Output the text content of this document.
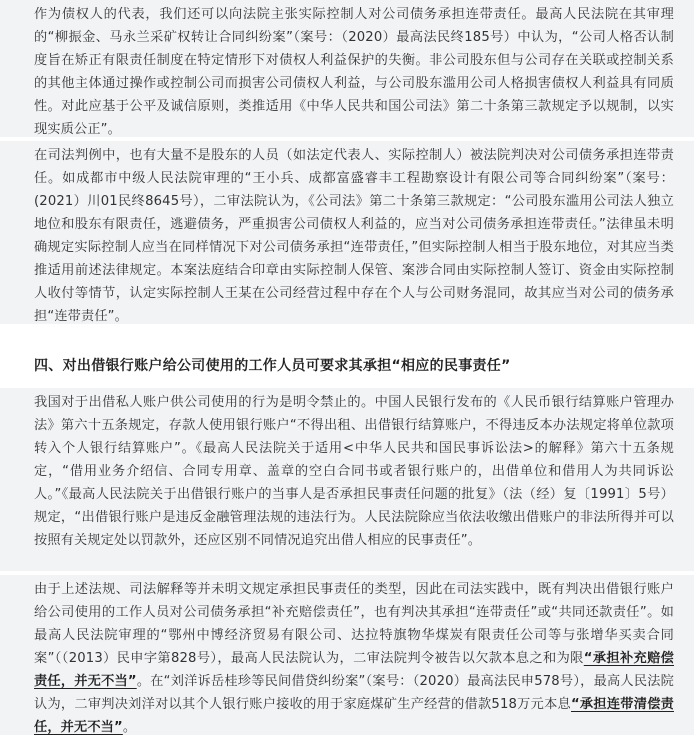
作为债权人的代表，我们还可以向法院主张实际控制人对公司债务承担连带责任。最高人民法院在其审理的“柳振金、马永兰采矿权转让合同纠纷案”（案号：（2020）最高法民终185号）中认为，“公司人格否认制度旨在矫正有限责任制度在特定情形下对债权人利益保护的失衡。非公司股东但与公司存在关联或控制关系的其他主体通过操作或控制公司而损害公司债权人利益，与公司股东滥用公司人格损害债权人利益具有同质性。对此应基于公平及诚信原则，类推适用《中华人民共和国公司法》第二十条第三款规定予以规制，以实现实质公正”。

在司法判例中，也有大量不是股东的人员（如法定代表人、实际控制人）被法院判决对公司债务承担连带责任。如成都市中级人民法院审理的“王小兵、成都富盛睿丰工程勘察设计有限公司等合同纠纷案”（案号：(2021）川01民终8645号），二审法院认为，《公司法》第二十条第三款规定：“公司股东滥用公司法人独立地位和股东有限责任，逃避债务，严重损害公司债权人利益的，应当对公司债务承担连带责任。”法律虽未明确规定实际控制人应当在同样情况下对公司债务承担“连带责任，”但实际控制人相当于股东地位，对其应当类推适用前述法律规定。本案法庭结合印章由实际控制人保管、案涉合同由实际控制人签订、资金由实际控制人收付等情节，认定实际控制人王某在公司经营过程中存在个人与公司财务混同，故其应当对公司的债务承担“连带责任”。

四、对出借银行账户给公司使用的工作人员可要求其承担“相应的民事责任”

我国对于出借私人账户供公司使用的行为是明令禁止的。中国人民银行发布的《人民币银行结算账户管理办法》第六十五条规定，存款人使用银行账户“不得出租、出借银行结算账户，不得违反本办法规定将单位款项转入个人银行结算账户”。《最高人民法院关于适用<中华人民共和国民事诉讼法>的解释》第六十五条规定，“借用业务介绍信、合同专用章、盖章的空白合同书或者银行账户的，出借单位和借用人为共同诉讼人。”《最高人民法院关于出借银行账户的当事人是否承担民事责任问题的批复》（法（经）复〔1991〕5号）规定，“出借银行账户是违反金融管理法规的违法行为。人民法院除应当依法收缴出借账户的非法所得并可以按照有关规定处以罚款外，还应区别不同情况追究出借人相应的民事责任”。

由于上述法规、司法解释等并未明文规定承担民事责任的类型，因此在司法实践中，既有判决出借银行账户给公司使用的工作人员对公司债务承担“补充赔偿责任”，也有判决其承担“连带责任”或“共同还款责任”。如最高人民法院审理的“鄂州中博经济贸易有限公司、达拉特旗物华煤炭有限责任公司等与张增华买卖合同案”（（2013）民申字第828号），最高人民法院认为，二审法院判令被告以欠款本息之和为限“承担补充赔偿责任，并无不当”。在“刘洋诉岳桂珍等民间借贷纠纷案”（案号：（2020）最高法民申578号），最高人民法院认为，二审判决刘洋对以其个人银行账户接收的用于家庭煤矿生产经营的借款518万元本息“承担连带清偿责任，并无不当”。
